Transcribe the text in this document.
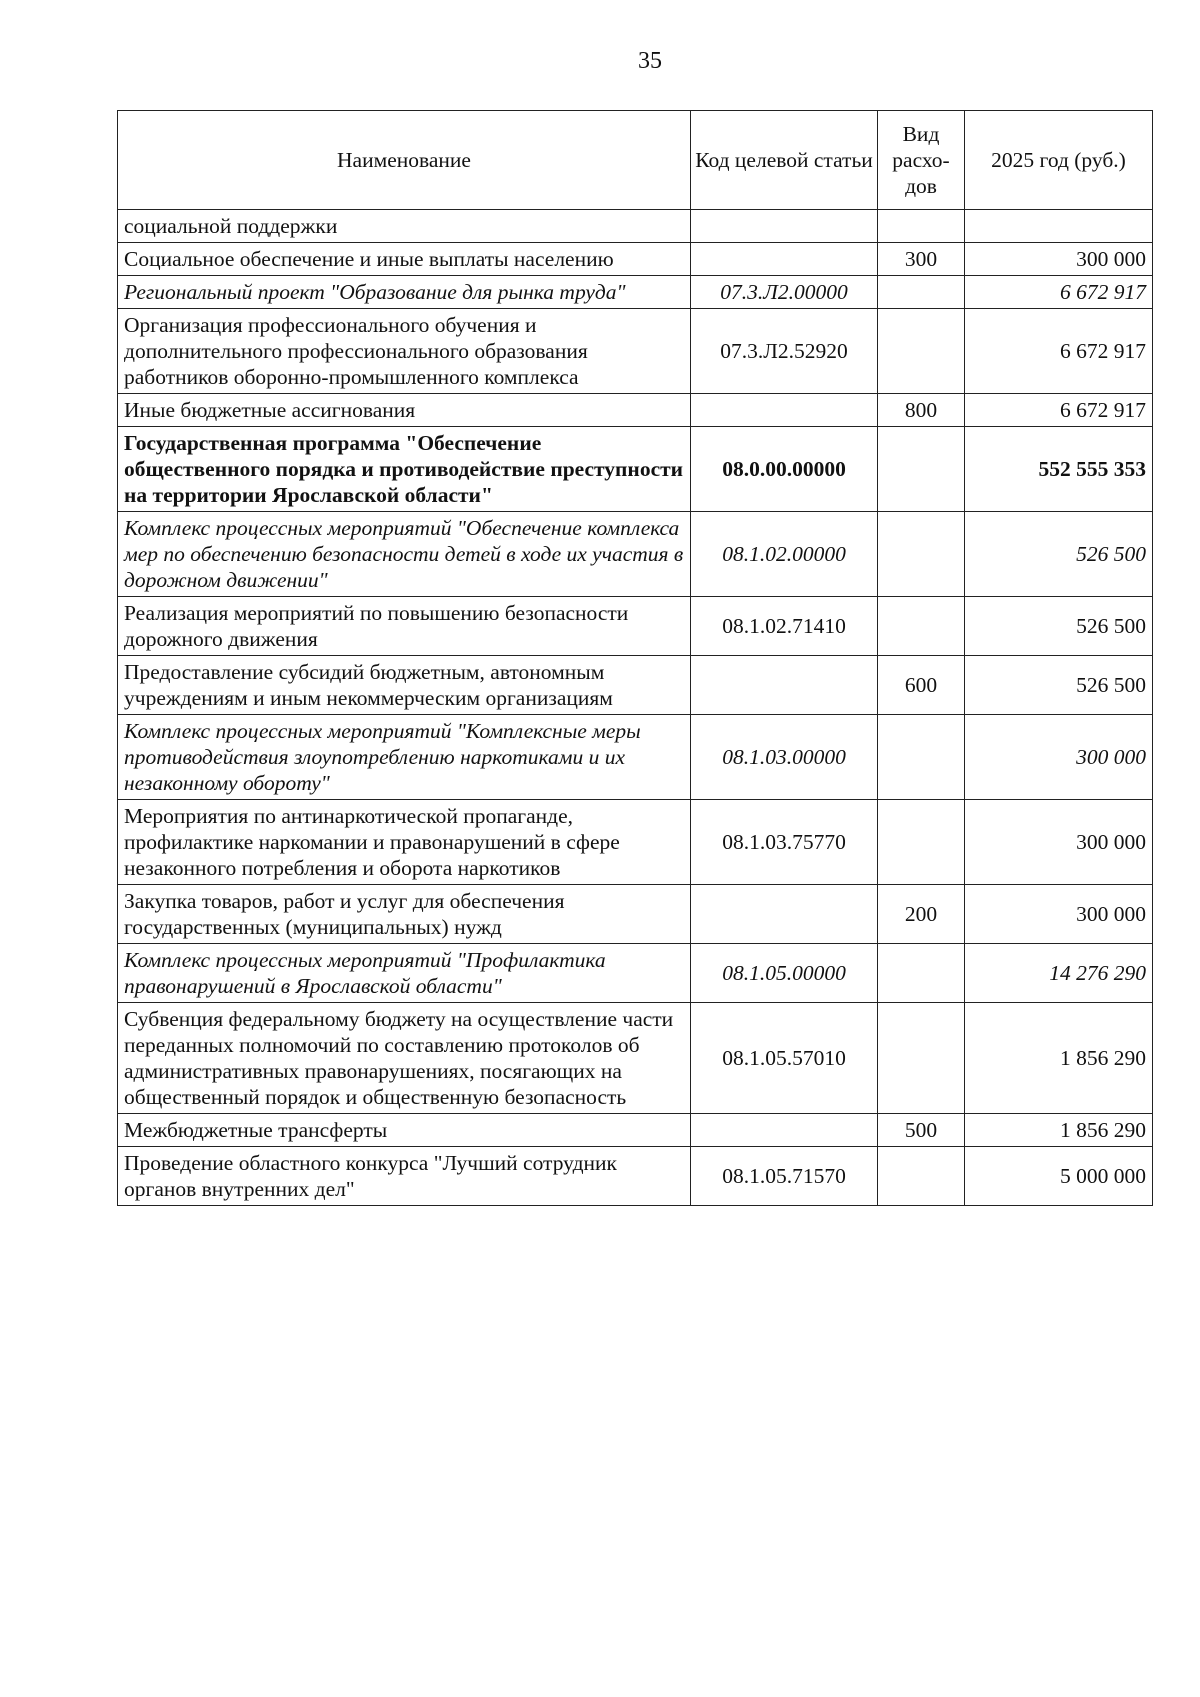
35
Наименование	Код целевой статьи	Вид расхо-дов	2025 год (руб.)
социальной поддержки			
Социальное обеспечение и иные выплаты населению		300	300 000
Региональный проект "Образование для рынка труда"	07.3.Л2.00000		6 672 917
Организация профессионального обучения и дополнительного профессионального образования работников оборонно-промышленного комплекса	07.3.Л2.52920		6 672 917
Иные бюджетные ассигнования		800	6 672 917
Государственная программа "Обеспечение общественного порядка и противодействие преступности на территории Ярославской области"	08.0.00.00000		552 555 353
Комплекс процессных мероприятий "Обеспечение комплекса мер по обеспечению безопасности детей в ходе их участия в дорожном движении"	08.1.02.00000		526 500
Реализация мероприятий по повышению безопасности дорожного движения	08.1.02.71410		526 500
Предоставление субсидий бюджетным, автономным учреждениям и иным некоммерческим организациям		600	526 500
Комплекс процессных мероприятий "Комплексные меры противодействия злоупотреблению наркотиками и их незаконному обороту"	08.1.03.00000		300 000
Мероприятия по антинаркотической пропаганде, профилактике наркомании и правонарушений в сфере незаконного потребления и оборота наркотиков	08.1.03.75770		300 000
Закупка товаров, работ и услуг для обеспечения государственных (муниципальных) нужд		200	300 000
Комплекс процессных мероприятий "Профилактика правонарушений в Ярославской области"	08.1.05.00000		14 276 290
Субвенция федеральному бюджету на осуществление части переданных полномочий по составлению протоколов об административных правонарушениях, посягающих на общественный порядок и общественную безопасность	08.1.05.57010		1 856 290
Межбюджетные трансферты		500	1 856 290
Проведение областного конкурса "Лучший сотрудник органов внутренних дел"	08.1.05.71570		5 000 000
